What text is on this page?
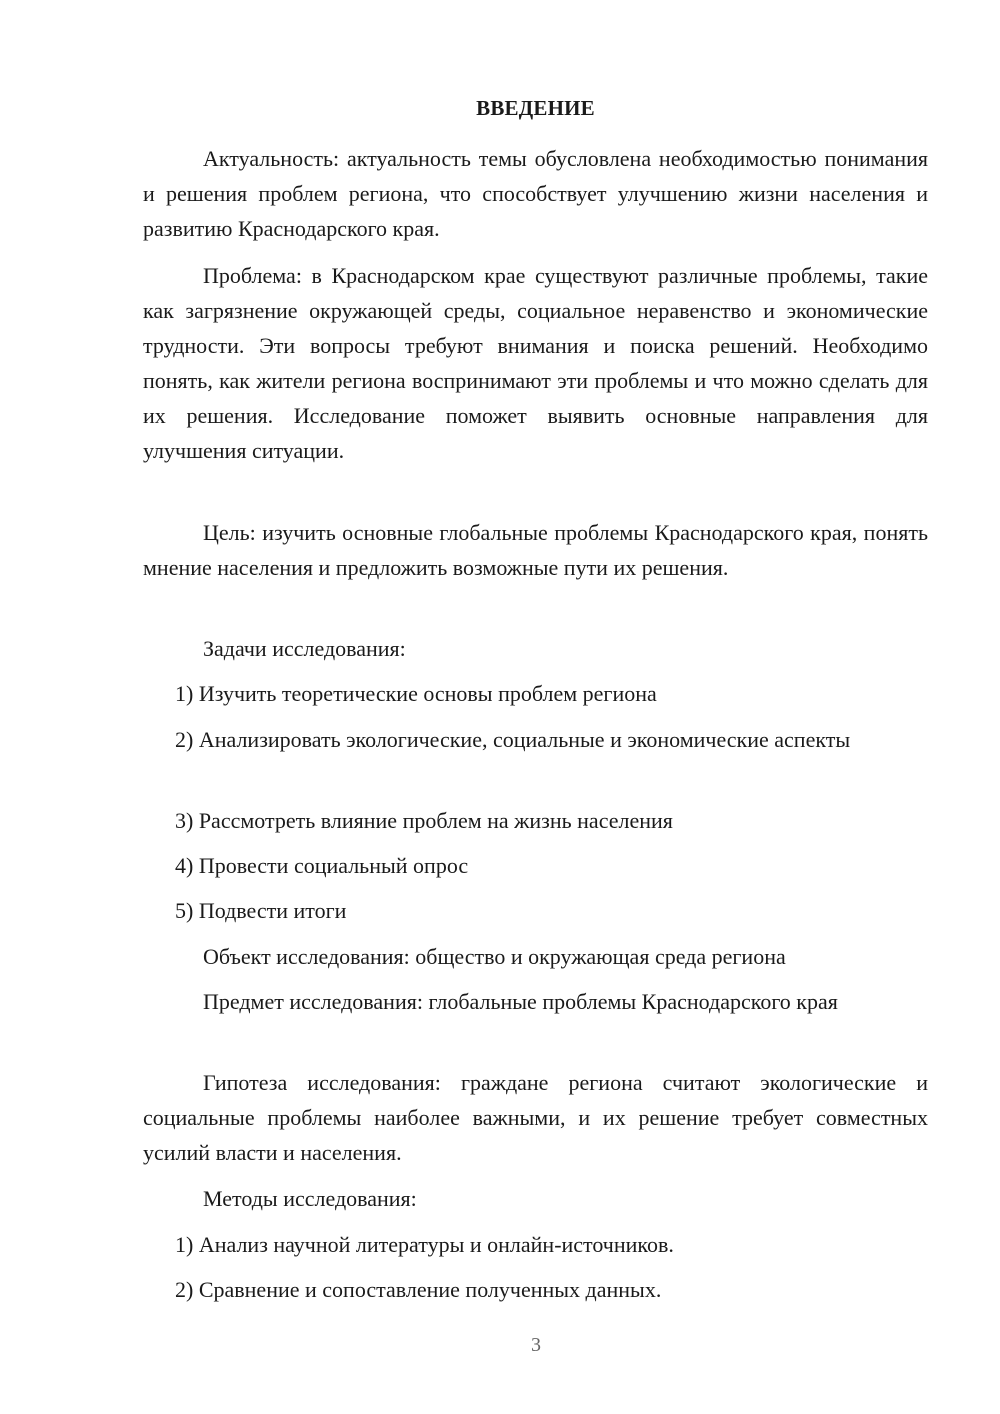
ВВЕДЕНИЕ

Актуальность: актуальность темы обусловлена необходимостью понимания и решения проблем региона, что способствует улучшению жизни населения и развитию Краснодарского края.

Проблема: в Краснодарском крае существуют различные проблемы, такие как загрязнение окружающей среды, социальное неравенство и экономические трудности. Эти вопросы требуют внимания и поиска решений. Необходимо понять, как жители региона воспринимают эти проблемы и что можно сделать для их решения. Исследование поможет выявить основные направления для улучшения ситуации.

Цель: изучить основные глобальные проблемы Краснодарского края, понять мнение населения и предложить возможные пути их решения.

Задачи исследования:

1) Изучить теоретические основы проблем региона

2) Анализировать экологические, социальные и экономические аспекты

3) Рассмотреть влияние проблем на жизнь населения

4) Провести социальный опрос

5) Подвести итоги

Объект исследования: общество и окружающая среда региона

Предмет исследования: глобальные проблемы Краснодарского края

Гипотеза исследования: граждане региона считают экологические и социальные проблемы наиболее важными, и их решение требует совместных усилий власти и населения.

Методы исследования:

1) Анализ научной литературы и онлайн-источников.

2) Сравнение и сопоставление полученных данных.

3
